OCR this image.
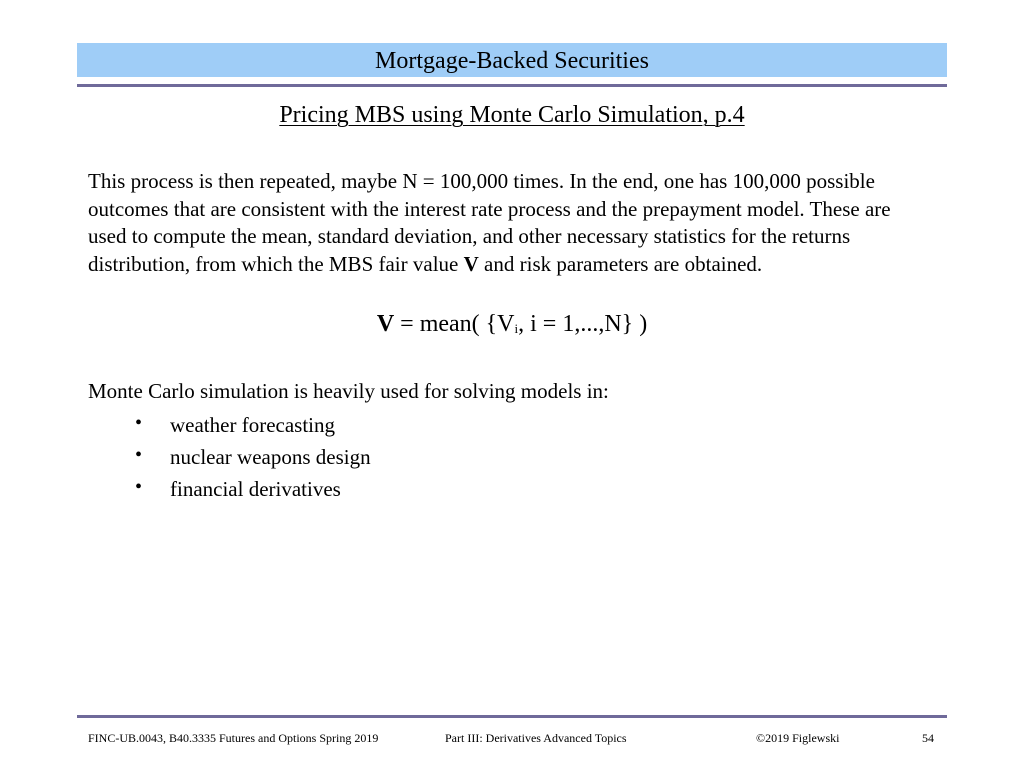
Mortgage-Backed Securities
Pricing MBS using Monte Carlo Simulation, p.4

This process is then repeated, maybe N = 100,000 times. In the end, one has 100,000 possible outcomes that are consistent with the interest rate process and the prepayment model. These are used to compute the mean, standard deviation, and other necessary statistics for the returns distribution, from which the MBS fair value V and risk parameters are obtained.

V = mean( {$V_i$, i = 1,...,N} )

Monte Carlo simulation is heavily used for solving models in:

•	weather forecasting
•	nuclear weapons design
•	financial derivatives
FINC-UB.0043, B40.3335 Futures and Options Spring 2019	Part III: Derivatives Advanced Topics	©2019 Figlewski	54
